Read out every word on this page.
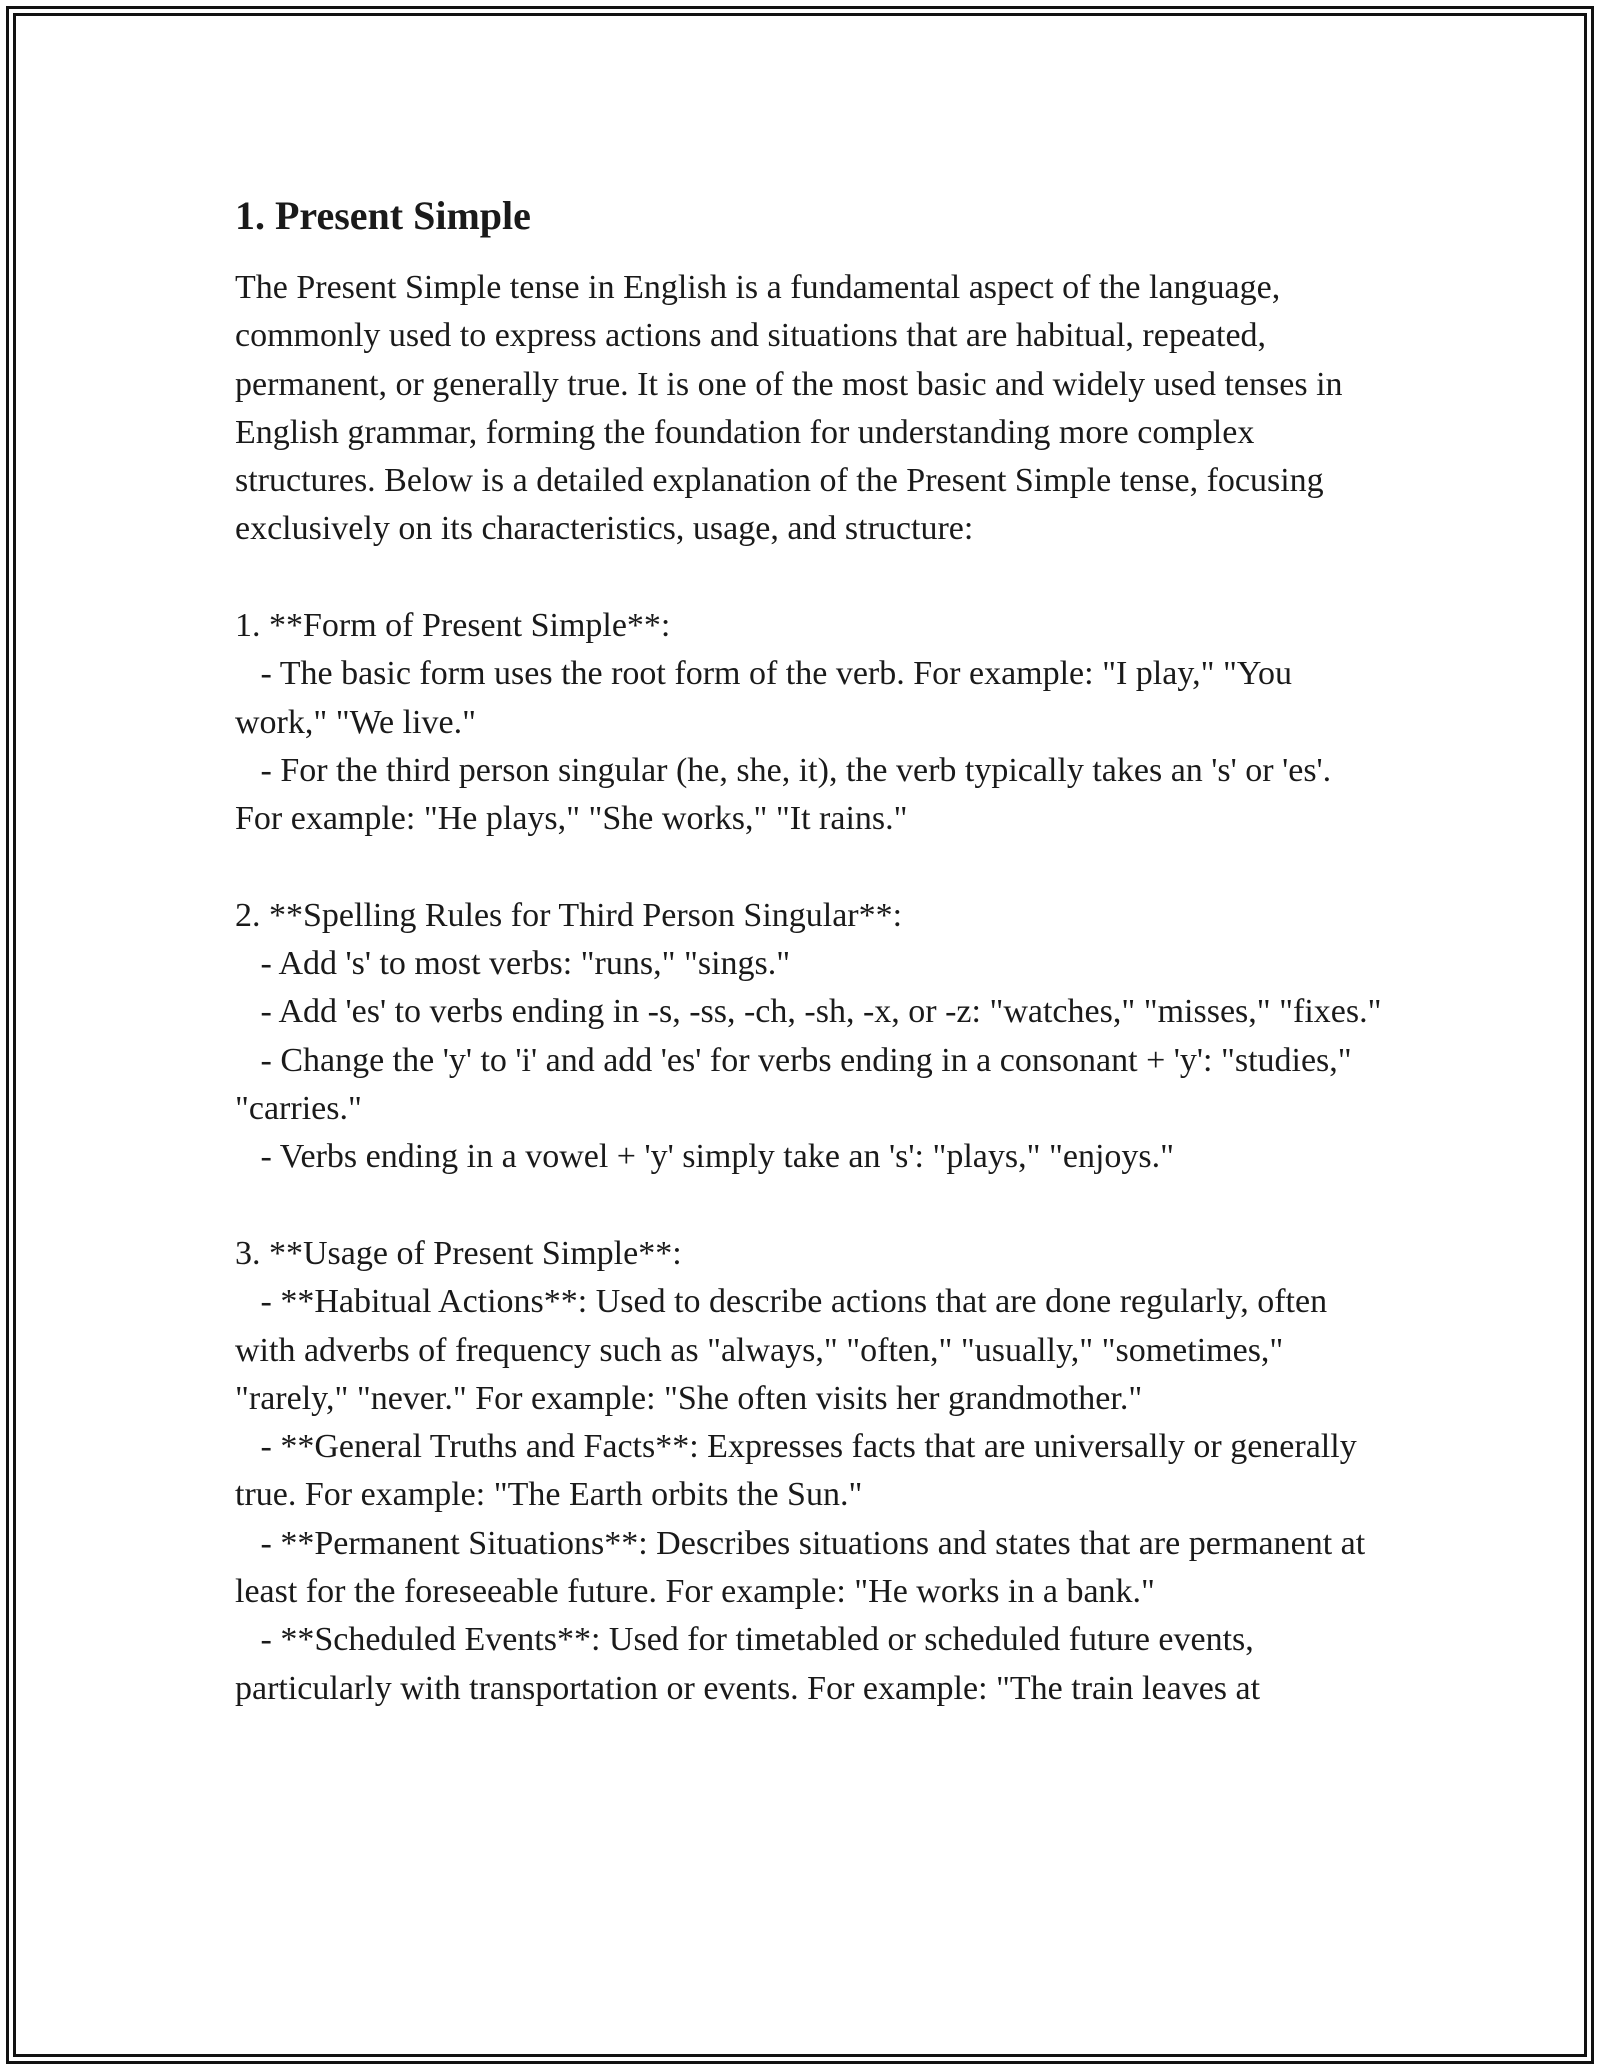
1. Present Simple

The Present Simple tense in English is a fundamental aspect of the language, commonly used to express actions and situations that are habitual, repeated, permanent, or generally true. It is one of the most basic and widely used tenses in English grammar, forming the foundation for understanding more complex structures. Below is a detailed explanation of the Present Simple tense, focusing exclusively on its characteristics, usage, and structure:

1. **Form of Present Simple**:

- The basic form uses the root form of the verb. For example: "I play," "You work," "We live."

- For the third person singular (he, she, it), the verb typically takes an 's' or 'es'. For example: "He plays," "She works," "It rains."

2. **Spelling Rules for Third Person Singular**:

- Add 's' to most verbs: "runs," "sings."

- Add 'es' to verbs ending in -s, -ss, -ch, -sh, -x, or -z: "watches," "misses," "fixes."

- Change the 'y' to 'i' and add 'es' for verbs ending in a consonant + 'y': "studies," "carries."

- Verbs ending in a vowel + 'y' simply take an 's': "plays," "enjoys."

3. **Usage of Present Simple**:

- **Habitual Actions**: Used to describe actions that are done regularly, often with adverbs of frequency such as "always," "often," "usually," "sometimes," "rarely," "never." For example: "She often visits her grandmother."

- **General Truths and Facts**: Expresses facts that are universally or generally true. For example: "The Earth orbits the Sun."

- **Permanent Situations**: Describes situations and states that are permanent at least for the foreseeable future. For example: "He works in a bank."

- **Scheduled Events**: Used for timetabled or scheduled future events, particularly with transportation or events. For example: "The train leaves at
